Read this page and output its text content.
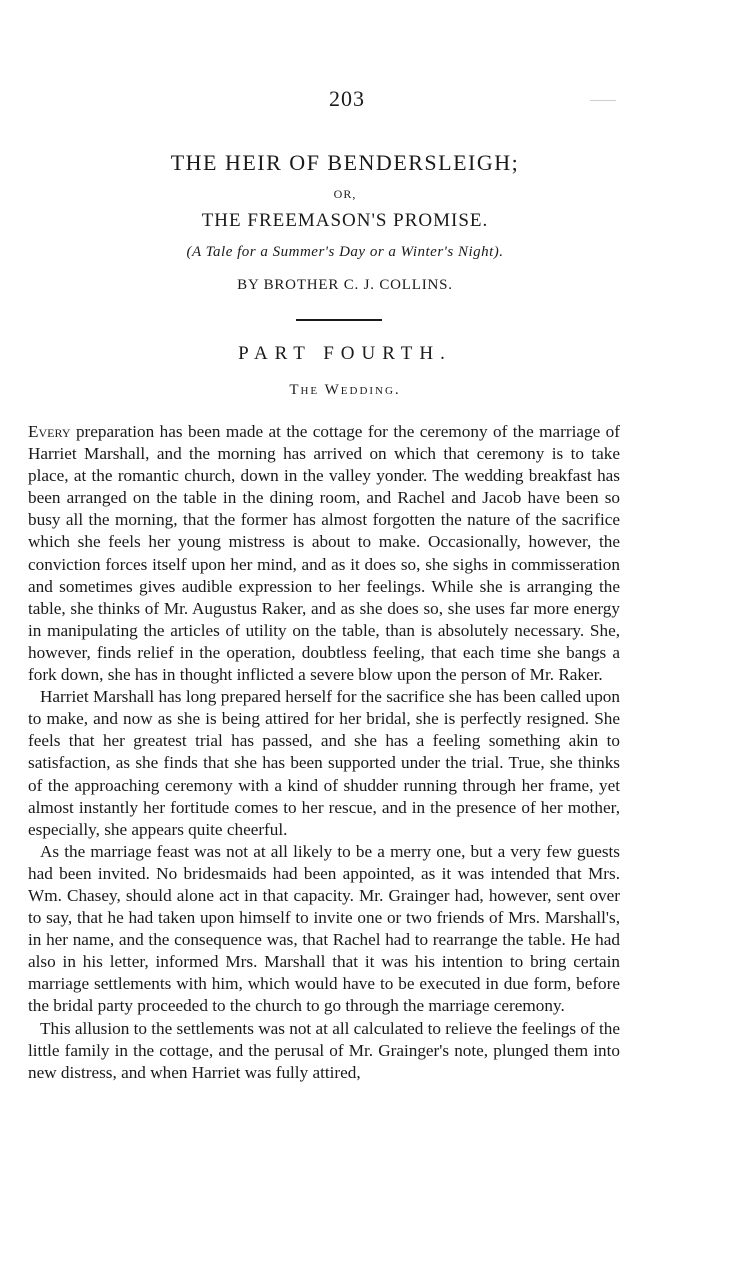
203
THE HEIR OF BENDERSLEIGH;
OR,
THE FREEMASON'S PROMISE.
(A Tale for a Summer's Day or a Winter's Night).
BY BROTHER C. J. COLLINS.
PART FOURTH.
The Wedding.

Every preparation has been made at the cottage for the ceremony of the marriage of Harriet Marshall, and the morning has arrived on which that ceremony is to take place, at the romantic church, down in the valley yonder. The wedding breakfast has been arranged on the table in the dining room, and Rachel and Jacob have been so busy all the morning, that the former has almost forgotten the nature of the sacrifice which she feels her young mistress is about to make. Occasionally, however, the conviction forces itself upon her mind, and as it does so, she sighs in commisseration and sometimes gives audible expression to her feelings. While she is arranging the table, she thinks of Mr. Augustus Raker, and as she does so, she uses far more energy in manipulating the articles of utility on the table, than is absolutely necessary. She, however, finds relief in the operation, doubtless feeling, that each time she bangs a fork down, she has in thought inflicted a severe blow upon the person of Mr. Raker.

Harriet Marshall has long prepared herself for the sacrifice she has been called upon to make, and now as she is being attired for her bridal, she is perfectly resigned. She feels that her greatest trial has passed, and she has a feeling something akin to satisfaction, as she finds that she has been supported under the trial. True, she thinks of the approaching ceremony with a kind of shudder running through her frame, yet almost instantly her fortitude comes to her rescue, and in the presence of her mother, especially, she appears quite cheerful.

As the marriage feast was not at all likely to be a merry one, but a very few guests had been invited. No bridesmaids had been appointed, as it was intended that Mrs. Wm. Chasey, should alone act in that capacity. Mr. Grainger had, however, sent over to say, that he had taken upon himself to invite one or two friends of Mrs. Marshall's, in her name, and the consequence was, that Rachel had to rearrange the table. He had also in his letter, informed Mrs. Marshall that it was his intention to bring certain marriage settlements with him, which would have to be executed in due form, before the bridal party proceeded to the church to go through the marriage ceremony.

This allusion to the settlements was not at all calculated to relieve the feelings of the little family in the cottage, and the perusal of Mr. Grainger's note, plunged them into new distress, and when Harriet was fully attired,
